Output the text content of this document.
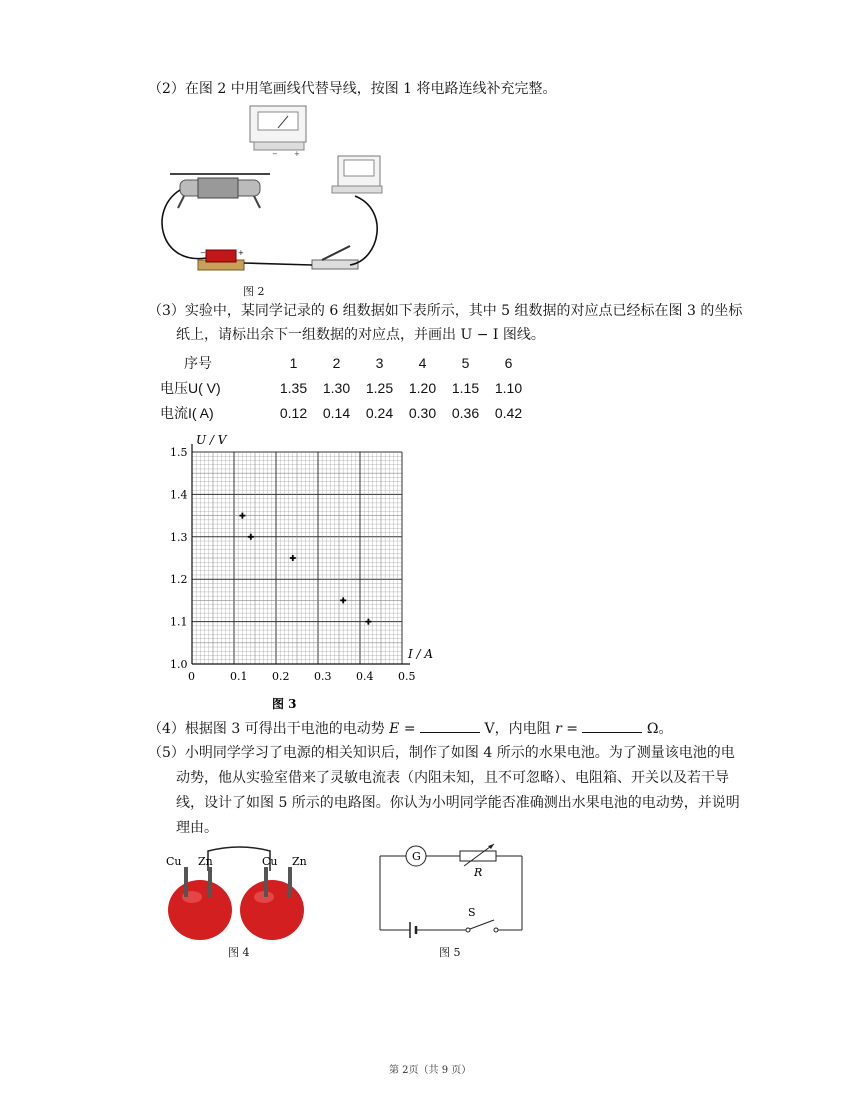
（2）在图 2 中用笔画线代替导线，按图 1 将电路连线补充完整。
− +
−	+
图 2
（3）实验中，某同学记录的 6 组数据如下表所示，其中 5 组数据的对应点已经标在图 3 的坐标
纸上，请标出余下一组数据的对应点，并画出 U − I 图线。
序号	1	2	3	4	5	6
电压U( V)	1.35	1.30	1.25	1.20	1.15	1.10
电流I( A)	0.12	0.14	0.24	0.30	0.36	0.42
0	0.1 0.2 0.3 0.4 0.5
1.0
1.1
1.2
1.3
1.4
1.5
I / A
U / V
图 3
（4）根据图 3 可得出干电池的电动势 E =	V，内电阻 r =	Ω。
（5）小明同学学习了电源的相关知识后，制作了如图 4 所示的水果电池。为了测量该电池的电
动势，他从实验室借来了灵敏电流表（内阻未知，且不可忽略）、电阻箱、开关以及若干导
线，设计了如图 5 所示的电路图。你认为小明同学能否准确测出水果电池的电动势，并说明
理由。
Cu Zn	Cu Zn
图 4
G
R
S
图 5
第 2页（共 9 页）
